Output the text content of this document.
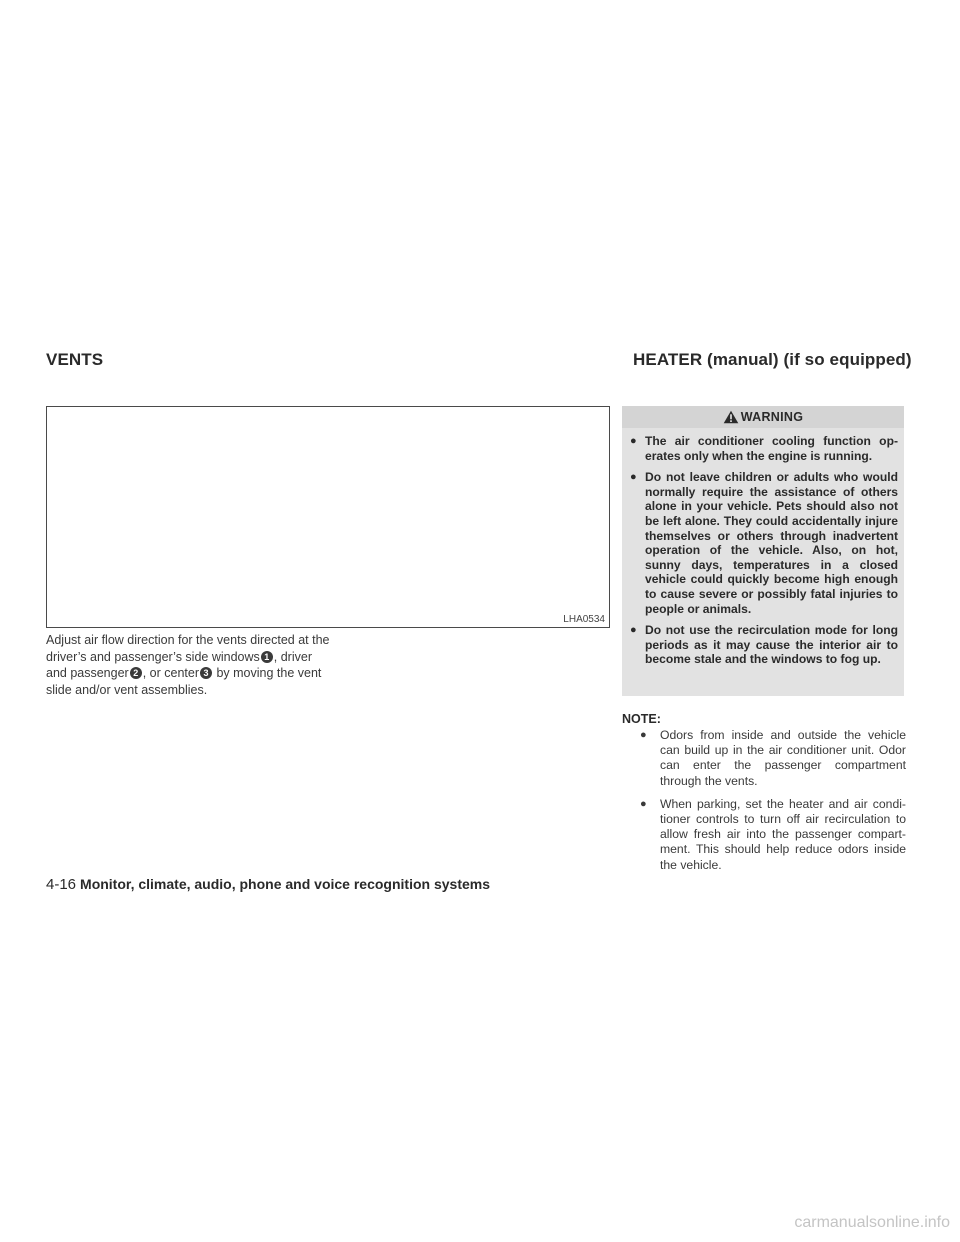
VENTS	HEATER (manual) (if so equipped)
LHA0534
Adjust air flow direction for the vents directed at the driver’s and passenger’s side windows 1 , driver and passenger 2 , or center 3 by moving the vent slide and/or vent assemblies.
WARNING
● The air conditioner cooling function op- erates only when the engine is running.
● Do not leave children or adults who would normally require the assistance of others alone in your vehicle. Pets should also not be left alone. They could accidentally injure themselves or others through inadvertent operation of the vehicle. Also, on hot, sunny days, temperatures in a closed vehicle could quickly become high enough to cause severe or possibly fatal injuries to people or animals.
● Do not use the recirculation mode for long periods as it may cause the interior air to become stale and the windows to fog up.
NOTE:
● Odors from inside and outside the vehicle can build up in the air conditioner unit. Odor can enter the passenger compartment through the vents.
● When parking, set the heater and air condi- tioner controls to turn off air recirculation to allow fresh air into the passenger compart- ment. This should help reduce odors inside the vehicle.
4-16 Monitor, climate, audio, phone and voice recognition systems
carmanualsonline.info
